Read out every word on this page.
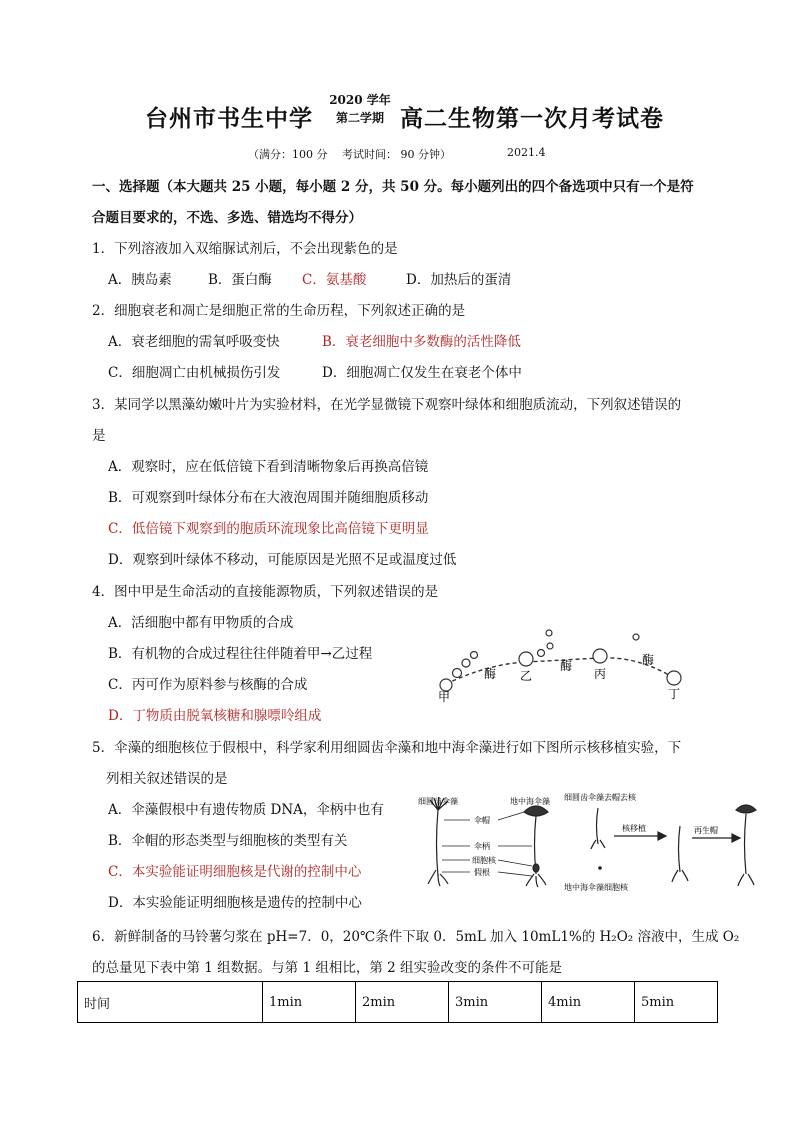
台州市书生中学
2020 学年
第二学期 高二生物第一次月考试卷
（满分：100 分　 考试时间： 90 分钟）	2021.4
一、选择题（本大题共 25 小题，每小题 2 分，共 50 分。每小题列出的四个备选项中只有一个是符
合题目要求的，不选、多选、错选均不得分）
1．下列溶液加入双缩脲试剂后，不会出现紫色的是
A．胰岛素	B．蛋白酶 C．氨基酸	D．加热后的蛋清
2．细胞衰老和凋亡是细胞正常的生命历程，下列叙述正确的是
A．衰老细胞的需氧呼吸变快	B．衰老细胞中多数酶的活性降低
C．细胞凋亡由机械损伤引发	D．细胞凋亡仅发生在衰老个体中
3．某同学以黑藻幼嫩叶片为实验材料，在光学显微镜下观察叶绿体和细胞质流动，下列叙述错误的
是
A．观察时，应在低倍镜下看到清晰物象后再换高倍镜
B．可观察到叶绿体分布在大液泡周围并随细胞质移动
C．低倍镜下观察到的胞质环流现象比高倍镜下更明显
D．观察到叶绿体不移动，可能原因是光照不足或温度过低
4．图中甲是生命活动的直接能源物质，下列叙述错误的是
A．活细胞中都有甲物质的合成
B．有机物的合成过程往往伴随着甲→乙过程
C．丙可作为原料参与核酶的合成
D．丁物质由脱氧核糖和腺嘌呤组成
甲
乙	丙
丁
酶
酶	酶
5．伞藻的细胞核位于假根中，科学家利用细圆齿伞藻和地中海伞藻进行如下图所示核移植实验，下
列相关叙述错误的是
A．伞藻假根中有遗传物质 DNA，伞柄中也有
B．伞帽的形态类型与细胞核的类型有关
C．本实验能证明细胞核是代谢的控制中心
D．本实验能证明细胞核是遗传的控制中心
细圆齿伞藻	地中海伞藻
伞帽
伞柄
细胞核
假根
细圆齿伞藻去帽去核
地中海伞藻细胞核
核移植	再生帽
6．新鲜制备的马铃薯匀浆在 pH=7．0，20℃条件下取 0．5mL 加入 10mL1%的 H₂O₂ 溶液中，生成 O₂
的总量见下表中第 1 组数据。与第 1 组相比，第 2 组实验改变的条件不可能是
时间	1min	2min	3min	4min	5min
